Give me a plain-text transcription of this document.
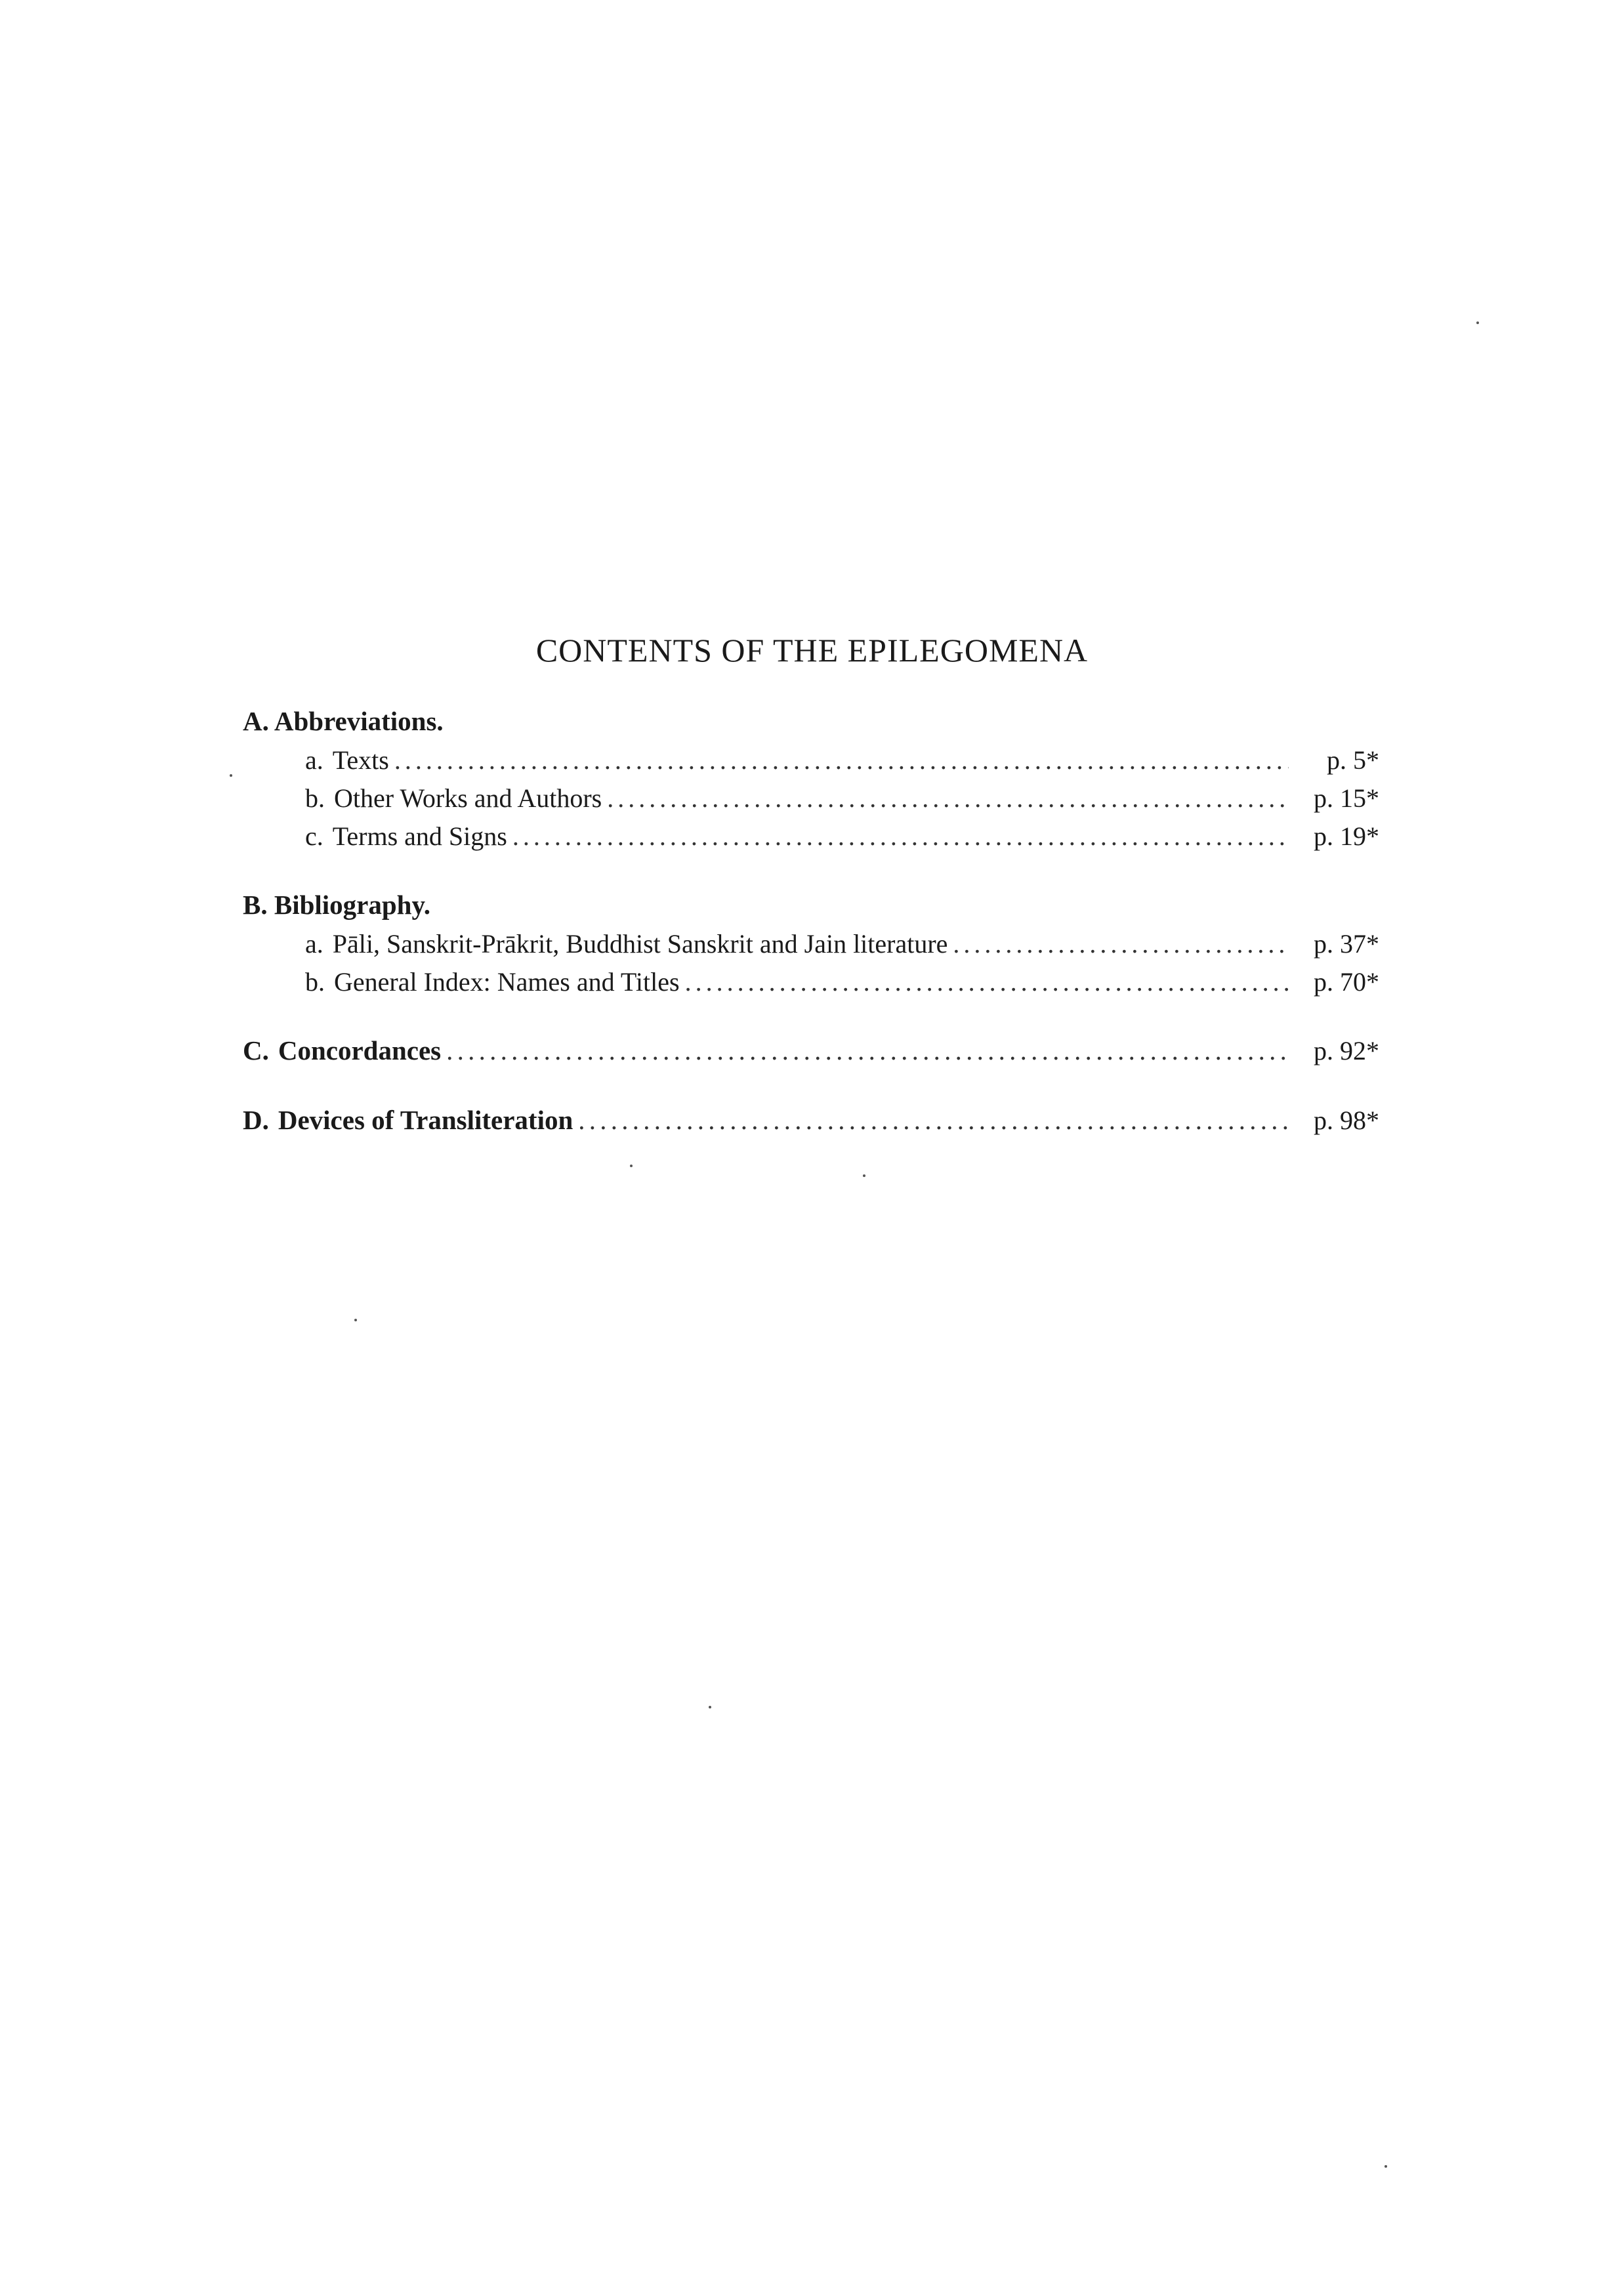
CONTENTS OF THE EPILEGOMENA
A. Abbreviations.
a. Texts . . .	p. 5*
b. Other Works and Authors . . .	p. 15*
c. Terms and Signs . . .	p. 19*
B. Bibliography.
a. Pāli, Sanskrit-Prākrit, Buddhist Sanskrit and Jain literature . . .	p. 37*
b. General Index: Names and Titles . . .	p. 70*
C. Concordances . . .	p. 92*
D. Devices of Transliteration . . .	p. 98*
